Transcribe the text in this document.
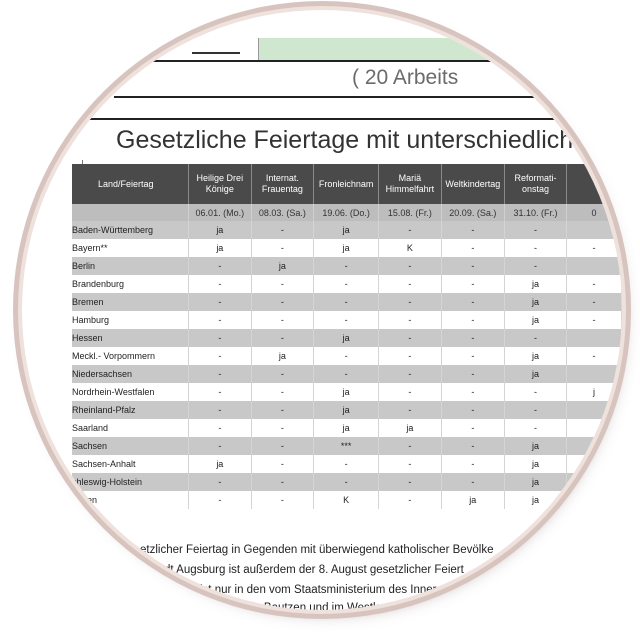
( 20 Arbeits
Gesetzliche Feiertage mit unterschiedlicher
Land/Feiertag	Heilige Drei Könige	Internat. Frauentag	Fronleichnam	Mariä Himmelfahrt	Weltkindertag	Reformati-onstag	

	06.01. (Mo.)	08.03. (Sa.)	19.06. (Do.)	15.08. (Fr.)	20.09. (Sa.)	31.10. (Fr.)	0
Baden-Württemberg	ja	-	ja	-	-	-	
Bayern**	ja	-	ja	K	-	-	-
Berlin	-	ja	-	-	-	-	
Brandenburg	-	-	-	-	-	ja	-
Bremen	-	-	-	-	-	ja	-
Hamburg	-	-	-	-	-	ja	-
Hessen	-	-	ja	-	-	-	
Meckl.- Vorpommern	-	ja	-	-	-	ja	-
Niedersachsen	-	-	-	-	-	ja	
Nordrhein-Westfalen	-	-	ja	-	-	-	j
Rheinland-Pfalz	-	-	ja	-	-	-	
Saarland	-	-	ja	ja	-	-	
Sachsen	-	-	***	-	-	ja	
Sachsen-Anhalt	ja	-	-	-	-	ja	
chleswig-Holstein	-	-	-	-	-	ja	
ringen	-	-	K	-	ja	ja	
etzlicher Feiertag in Gegenden mit überwiegend katholischer Bevölke
dt Augsburg ist außerdem der 8. August gesetzlicher Feiert
ist nur in den vom Staatsministerium des Innere
eis Bautzen und im Westlausitzkrei
